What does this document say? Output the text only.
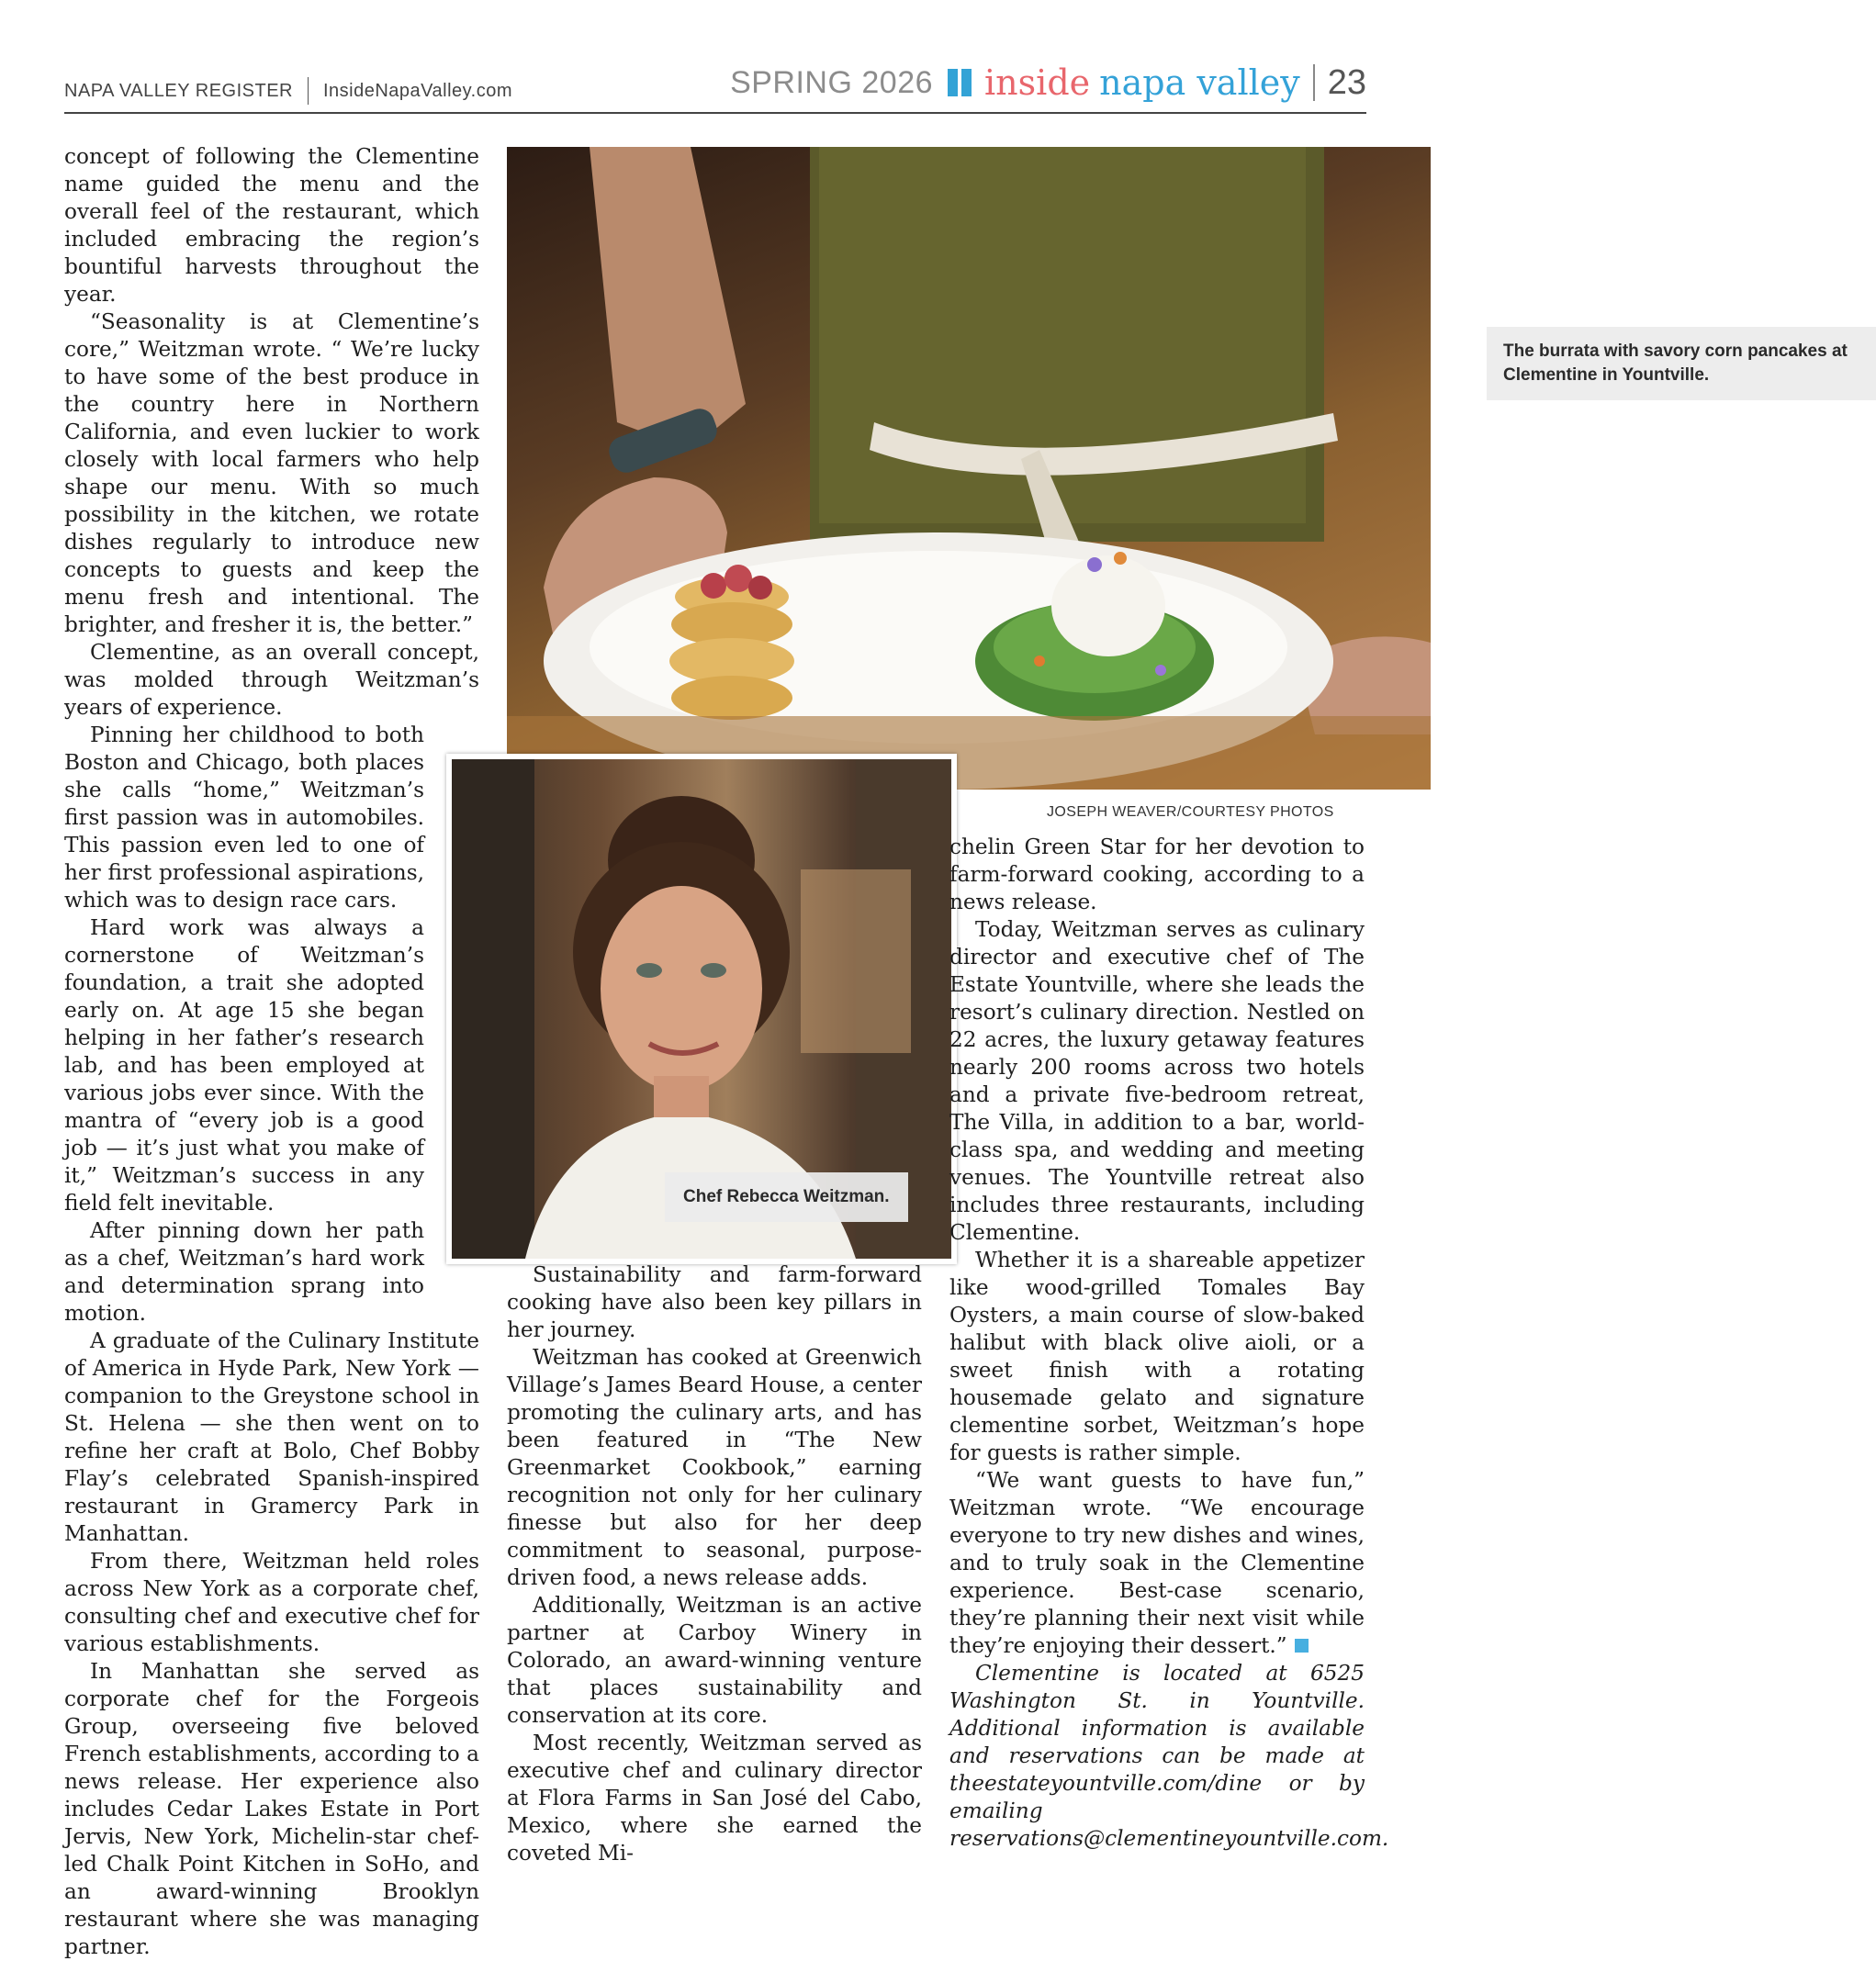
NAPA VALLEY REGISTER InsideNapaValley.com	SPRING 2026 inside napa valley 23

concept of following the Clementine name guided the menu and the overall feel of the restaurant, which included embracing the region’s bountiful harvests throughout the year.

“Seasonality is at Clementine’s core,” Weitzman wrote. “ We’re lucky to have some of the best produce in the country here in Northern California, and even luckier to work closely with local farmers who help shape our menu. With so much possibility in the kitchen, we rotate dishes regularly to introduce new concepts to guests and keep the menu fresh and intentional. The brighter, and fresher it is, the better.”

Clementine, as an overall concept, was molded through Weitzman’s years of experience.

Pinning her childhood to both Boston and Chicago, both places she calls “home,” Weitzman’s first passion was in automobiles. This passion even led to one of her first professional aspirations, which was to design race cars.

Hard work was always a cornerstone of Weitzman’s foundation, a trait she adopted early on. At age 15 she began helping in her father’s research lab, and has been employed at various jobs ever since. With the mantra of “every job is a good job — it’s just what you make of it,” Weitzman’s success in any field felt inevitable.

After pinning down her path as a chef, Weitzman’s hard work and determination sprang into motion.

A graduate of the Culinary Institute of America in Hyde Park, New York — companion to the Greystone school in St. Helena — she then went on to refine her craft at Bolo, Chef Bobby Flay’s celebrated Spanish-inspired restaurant in Gramercy Park in Manhattan.

From there, Weitzman held roles across New York as a corporate chef, consulting chef and executive chef for various establishments.

In Manhattan she served as corporate chef for the Forgeois Group, overseeing five beloved French establishments, according to a news release. Her experience also includes Cedar Lakes Estate in Port Jervis, New York, Michelin-star chef-led Chalk Point Kitchen in SoHo, and an award-winning Brooklyn restaurant where she was managing partner.

The burrata with savory corn pancakes at Clementine in Yountville.
Chef Rebecca Weitzman.
JOSEPH WEAVER/COURTESY PHOTOS

Sustainability and farm-forward cooking have also been key pillars in her journey.

Weitzman has cooked at Greenwich Village’s James Beard House, a center promoting the culinary arts, and has been featured in “The New Greenmarket Cookbook,” earning recognition not only for her culinary finesse but also for her deep commitment to seasonal, purpose-driven food, a news release adds.

Additionally, Weitzman is an active partner at Carboy Winery in Colorado, an award-winning venture that places sustainability and conservation at its core.

Most recently, Weitzman served as executive chef and culinary director at Flora Farms in San José del Cabo, Mexico, where she earned the coveted Mi-

chelin Green Star for her devotion to farm-forward cooking, according to a news release.

Today, Weitzman serves as culinary director and executive chef of The Estate Yountville, where she leads the resort’s culinary direction. Nestled on 22 acres, the luxury getaway features nearly 200 rooms across two hotels and a private five-bedroom retreat, The Villa, in addition to a bar, world-class spa, and wedding and meeting venues. The Yountville retreat also includes three restaurants, including Clementine.

Whether it is a shareable appetizer like wood-grilled Tomales Bay Oysters, a main course of slow-baked halibut with black olive aioli, or a sweet finish with a rotating housemade gelato and signature clementine sorbet, Weitzman’s hope for guests is rather simple.

“We want guests to have fun,” Weitzman wrote. “We encourage everyone to try new dishes and wines, and to truly soak in the Clementine experience. Best-case scenario, they’re planning their next visit while they’re enjoying their dessert.”

Clementine is located at 6525 Washington St. in Yountville. Additional information is available and reservations can be made at theestateyountville.com/dine or by emailing reservations@clementineyountville.com.
